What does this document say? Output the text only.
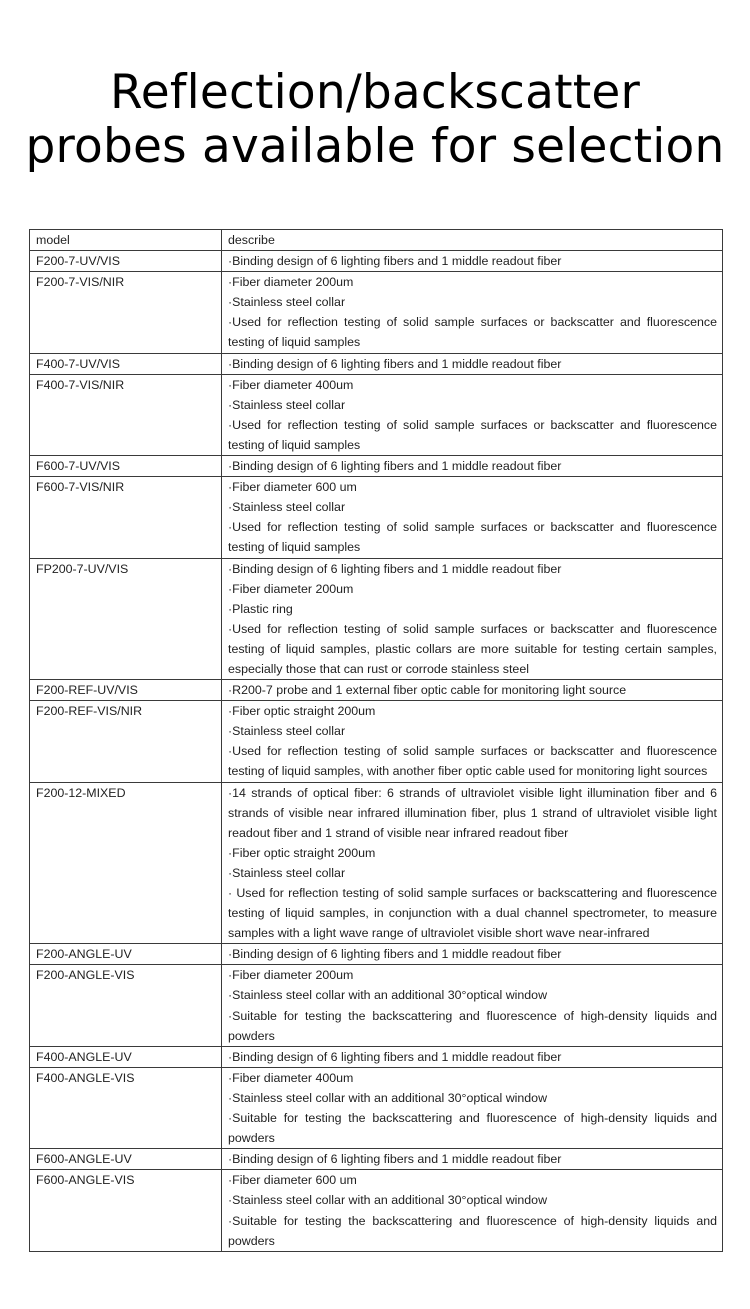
Reflection/backscatter
probes available for selection
model	describe
F200-7-UV/VIS	·Binding design of 6 lighting fibers and 1 middle readout fiber

F200-7-VIS/NIR	·Fiber diameter 200um
·Stainless steel collar
·Used for reflection testing of solid sample surfaces or backscatter and fluorescence testing of liquid samples

F400-7-UV/VIS	·Binding design of 6 lighting fibers and 1 middle readout fiber

F400-7-VIS/NIR	·Fiber diameter 400um
·Stainless steel collar
·Used for reflection testing of solid sample surfaces or backscatter and fluorescence testing of liquid samples

F600-7-UV/VIS	·Binding design of 6 lighting fibers and 1 middle readout fiber

F600-7-VIS/NIR	·Fiber diameter 600 um
·Stainless steel collar
·Used for reflection testing of solid sample surfaces or backscatter and fluorescence testing of liquid samples

FP200-7-UV/VIS	·Binding design of 6 lighting fibers and 1 middle readout fiber
·Fiber diameter 200um
·Plastic ring
·Used for reflection testing of solid sample surfaces or backscatter and fluorescence testing of liquid samples, plastic collars are more suitable for testing certain samples, especially those that can rust or corrode stainless steel

F200-REF-UV/VIS	·R200-7 probe and 1 external fiber optic cable for monitoring light source

F200-REF-VIS/NIR	·Fiber optic straight 200um
·Stainless steel collar
·Used for reflection testing of solid sample surfaces or backscatter and fluorescence testing of liquid samples, with another fiber optic cable used for monitoring light sources

F200-12-MIXED	·14 strands of optical fiber: 6 strands of ultraviolet visible light illumination fiber and 6 strands of visible near infrared illumination fiber, plus 1 strand of ultraviolet visible light readout fiber and 1 strand of visible near infrared readout fiber
·Fiber optic straight 200um
·Stainless steel collar
· Used for reflection testing of solid sample surfaces or backscattering and fluorescence testing of liquid samples, in conjunction with a dual channel spectrometer, to measure samples with a light wave range of ultraviolet visible short wave near-infrared

F200-ANGLE-UV	·Binding design of 6 lighting fibers and 1 middle readout fiber

F200-ANGLE-VIS	·Fiber diameter 200um
·Stainless steel collar with an additional 30°optical window
·Suitable for testing the backscattering and fluorescence of high-density liquids and powders

F400-ANGLE-UV	·Binding design of 6 lighting fibers and 1 middle readout fiber

F400-ANGLE-VIS	·Fiber diameter 400um
·Stainless steel collar with an additional 30°optical window
·Suitable for testing the backscattering and fluorescence of high-density liquids and powders

F600-ANGLE-UV	·Binding design of 6 lighting fibers and 1 middle readout fiber

F600-ANGLE-VIS	·Fiber diameter 600 um
·Stainless steel collar with an additional 30°optical window
·Suitable for testing the backscattering and fluorescence of high-density liquids and powders
